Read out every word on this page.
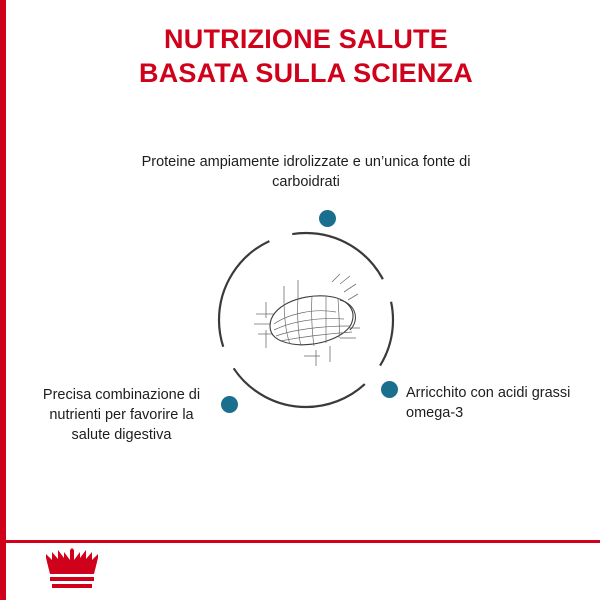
NUTRIZIONE SALUTE
BASATA SULLA SCIENZA
Proteine ampiamente idrolizzate e un’unica fonte di carboidrati
Arricchito con acidi grassi omega-3
Precisa combinazione di nutrienti per favorire la salute digestiva
